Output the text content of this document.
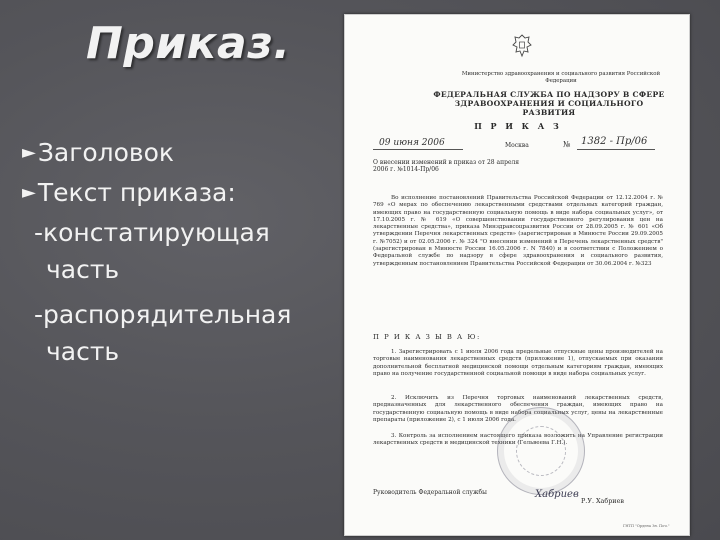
Приказ.
►Заголовок
►Текст приказа:
-констатирующая
часть
-распорядительная
часть
Министерство здравоохранения и социального развития Российской Федерации
ФЕДЕРАЛЬНАЯ СЛУЖБА ПО НАДЗОРУ В СФЕРЕ ЗДРАВООХРАНЕНИЯ И СОЦИАЛЬНОГО РАЗВИТИЯ
П Р И К А З
09 июня 2006	Москва	№ 1382 - Пр/06
О внесении изменений в приказ от 28 апреля 2006 г. №1014-Пр/06
Во исполнение постановлений Правительства Российской Федерации от 12.12.2004 г. № 769 «О мерах по обеспечению лекарственными средствами отдельных категорий граждан, имеющих право на государственную социальную помощь в виде набора социальных услуг», от 17.10.2005 г. № 619 «О совершенствовании государственного регулирования цен на лекарственные средства», приказа Минздравсоцразвития России от 28.09.2005 г. № 601 «Об утверждении Перечня лекарственных средств» (зарегистрирован в Минюсте России 29.09.2005 г. №7052) и от 02.05.2006 г. № 324 "О внесении изменений в Перечень лекарственных средств" (зарегистрирован в Минюсте России 16.05.2006 г. N 7840) и в соответствии с Положением о Федеральной службе по надзору в сфере здравоохранения и социального развития, утвержденным постановлением Правительства Российской Федерации от 30.06.2004 г. №323
П Р И К А З Ы В А Ю:
1. Зарегистрировать с 1 июля 2006 года предельные отпускные цены производителей на торговые наименования лекарственных средств (приложение 1), отпускаемых при оказании дополнительной бесплатной медицинской помощи отдельным категориям граждан, имеющих право на получение государственной социальной помощи в виде набора социальных услуг.
2. Исключить из Перечня торговых наименований лекарственных средств, предназначенных для лекарственного обеспечения граждан, имеющих право на государственную социальную помощь в виде набора социальных услуг, цены на лекарственные препараты (приложение 2), с 1 июля 2006 года.
3. Контроль за исполнением настоящего приказа возложить на Управление регистрации лекарственных средств и медицинской техники (Гельвеева Г.Н.).
Руководитель Федеральной службы	Хабриев
Р.У. Хабриев
ГНТП "Ордена Зн. Поч."
